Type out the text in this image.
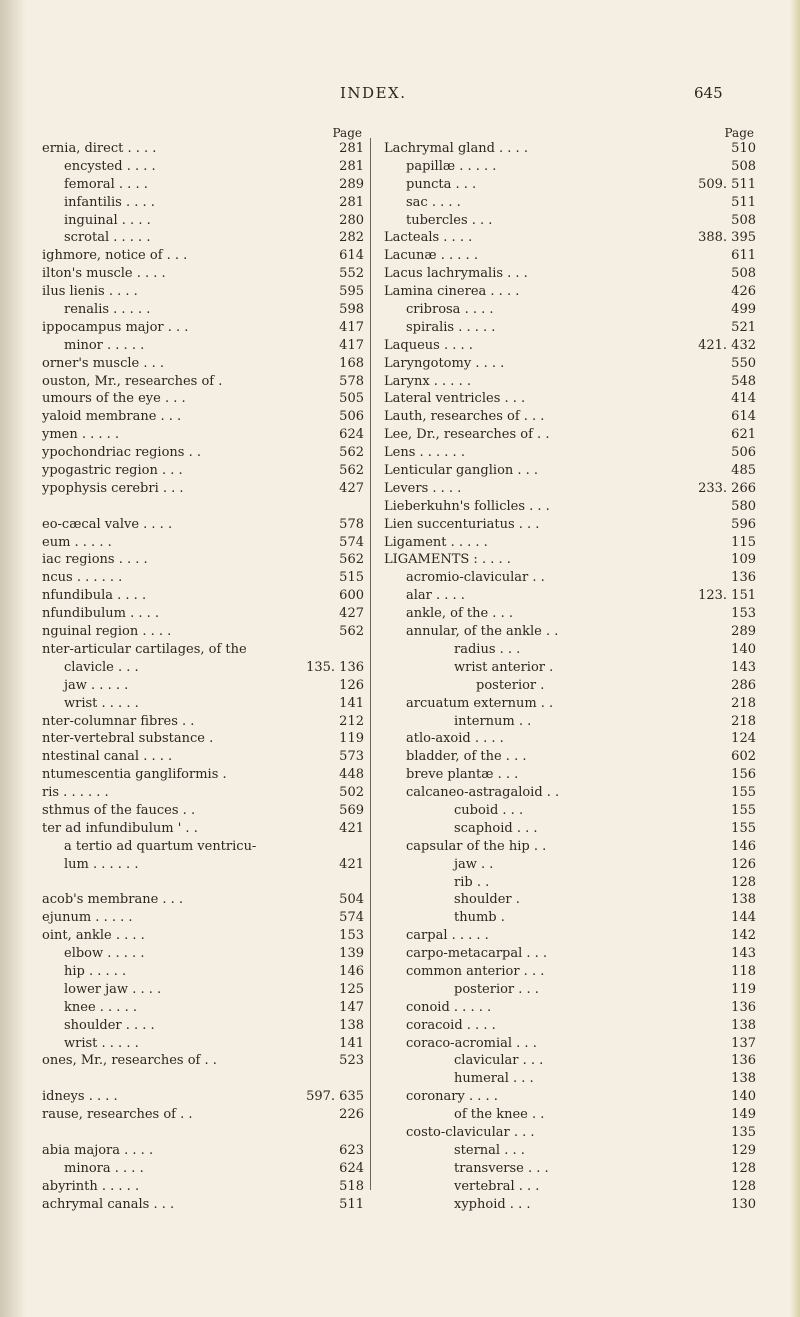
INDEX.	645
Page
ernia, direct . . . .	281
encysted . . . .	281
femoral . . . .	289
infantilis . . . .	281
inguinal . . . .	280
scrotal . . . . .	282
ighmore, notice of . . .	614
ilton's muscle . . . .	552
ilus lienis . . . .	595
renalis . . . . .	598
ippocampus major . . .	417
minor . . . . .	417
orner's muscle . . .	168
ouston, Mr., researches of .	578
umours of the eye . . .	505
yaloid membrane . . .	506
ymen . . . . .	624
ypochondriac regions . .	562
ypogastric region . . .	562
ypophysis cerebri . . .	427
eo-cæcal valve . . . .	578
eum . . . . .	574
iac regions . . . .	562
ncus . . . . . .	515
nfundibula . . . .	600
nfundibulum . . . .	427
nguinal region . . . .	562
nter-articular cartilages, of the
clavicle . . .	135. 136
jaw . . . . .	126
wrist . . . . .	141
nter-columnar fibres . .	212
nter-vertebral substance .	119
ntestinal canal . . . .	573
ntumescentia gangliformis .	448
ris . . . . . .	502
sthmus of the fauces . .	569
ter ad infundibulum ' . .	421
a tertio ad quartum ventricu-
lum . . . . . .	421
acob's membrane . . .	504
ejunum . . . . .	574
oint, ankle . . . .	153
elbow . . . . .	139
hip . . . . .	146
lower jaw . . . .	125
knee . . . . .	147
shoulder . . . .	138
wrist . . . . .	141
ones, Mr., researches of . .	523
idneys . . . .	597. 635
rause, researches of . .	226
abia majora . . . .	623
minora . . . .	624
abyrinth . . . . .	518
achrymal canals . . .	511
Page
Lachrymal gland . . . .	510
papillæ . . . . .	508
puncta . . .	509. 511
sac . . . .	511
tubercles . . .	508
Lacteals . . . .	388. 395
Lacunæ . . . . .	611
Lacus lachrymalis . . .	508
Lamina cinerea . . . .	426
cribrosa . . . .	499
spiralis . . . . .	521
Laqueus . . . .	421. 432
Laryngotomy . . . .	550
Larynx . . . . .	548
Lateral ventricles . . .	414
Lauth, researches of . . .	614
Lee, Dr., researches of . .	621
Lens . . . . . .	506
Lenticular ganglion . . .	485
Levers . . . .	233. 266
Lieberkuhn's follicles . . .	580
Lien succenturiatus . . .	596
Ligament . . . . .	115
LIGAMENTS : . . . .	109
acromio-clavicular . .	136
alar . . . .	123. 151
ankle, of the . . .	153
annular, of the ankle . .	289
radius . . .	140
wrist anterior .	143
posterior .	286
arcuatum externum . .	218
internum . .	218
atlo-axoid . . . .	124
bladder, of the . . .	602
breve plantæ . . .	156
calcaneo-astragaloid . .	155
cuboid . . .	155
scaphoid . . .	155
capsular of the hip . .	146
jaw . .	126
rib . .	128
shoulder .	138
thumb .	144
carpal . . . . .	142
carpo-metacarpal . . .	143
common anterior . . .	118
posterior . . .	119
conoid . . . . .	136
coracoid . . . .	138
coraco-acromial . . .	137
clavicular . . .	136
humeral . . .	138
coronary . . . .	140
of the knee . .	149
costo-clavicular . . .	135
sternal . . .	129
transverse . . .	128
vertebral . . .	128
xyphoid . . .	130
